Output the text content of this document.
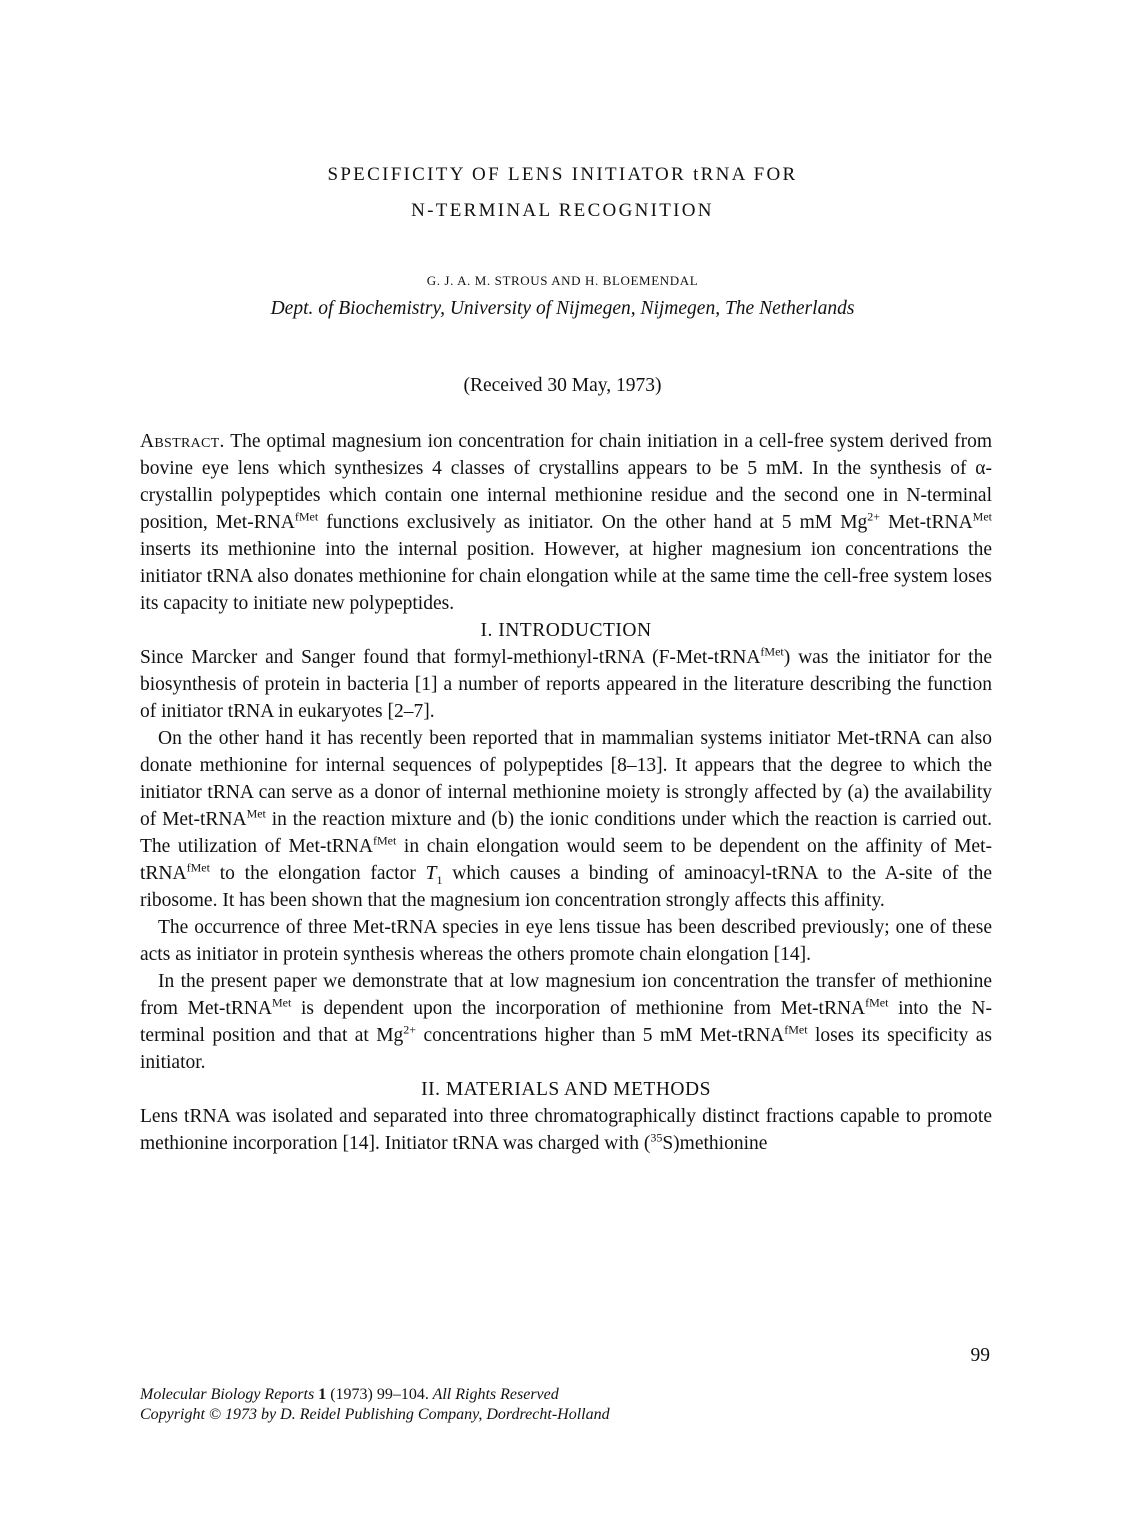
SPECIFICITY OF LENS INITIATOR tRNA FOR
N-TERMINAL RECOGNITION
G. J. A. M. STROUS AND H. BLOEMENDAL
Dept. of Biochemistry, University of Nijmegen, Nijmegen, The Netherlands
(Received 30 May, 1973)

Abstract. The optimal magnesium ion concentration for chain initiation in a cell-free system derived from bovine eye lens which synthesizes 4 classes of crystallins appears to be 5 mM. In the synthesis of α-crystallin polypeptides which contain one internal methionine residue and the second one in N-terminal position, Met-$RNA^{fMet}$ functions exclusively as initiator. On the other hand at 5 mM $Mg^{2+}$ Met-tRNA$^{Met}$ inserts its methionine into the internal position. However, at higher magnesium ion concentrations the initiator tRNA also donates methionine for chain elongation while at the same time the cell-free system loses its capacity to initiate new polypeptides.

I. INTRODUCTION

Since Marcker and Sanger found that formyl-methionyl-tRNA (F-Met-tRNA$^{fMet}$) was the initiator for the biosynthesis of protein in bacteria [1] a number of reports appeared in the literature describing the function of initiator tRNA in eukaryotes [2–7].

On the other hand it has recently been reported that in mammalian systems initiator Met-tRNA can also donate methionine for internal sequences of polypeptides [8–13]. It appears that the degree to which the initiator tRNA can serve as a donor of internal methionine moiety is strongly affected by (a) the availability of Met-tRNA$^{Met}$ in the reaction mixture and (b) the ionic conditions under which the reaction is carried out. The utilization of Met-tRNA$^{fMet}$ in chain elongation would seem to be dependent on the affinity of Met-tRNA$^{fMet}$ to the elongation factor $T_1$ which causes a binding of aminoacyl-tRNA to the A-site of the ribosome. It has been shown that the magnesium ion concentration strongly affects this affinity.

The occurrence of three Met-tRNA species in eye lens tissue has been described previously; one of these acts as initiator in protein synthesis whereas the others promote chain elongation [14].

In the present paper we demonstrate that at low magnesium ion concentration the transfer of methionine from Met-tRNA$^{Met}$ is dependent upon the incorporation of methionine from Met-tRNA$^{fMet}$ into the N-terminal position and that at $Mg^{2+}$ concentrations higher than 5 mM Met-tRNA$^{fMet}$ loses its specificity as initiator.

II. MATERIALS AND METHODS

Lens tRNA was isolated and separated into three chromatographically distinct fractions capable to promote methionine incorporation [14]. Initiator tRNA was charged with ($^{35}$S)methionine

99
Molecular Biology Reports 1 (1973) 99–104. All Rights Reserved
Copyright © 1973 by D. Reidel Publishing Company, Dordrecht-Holland
